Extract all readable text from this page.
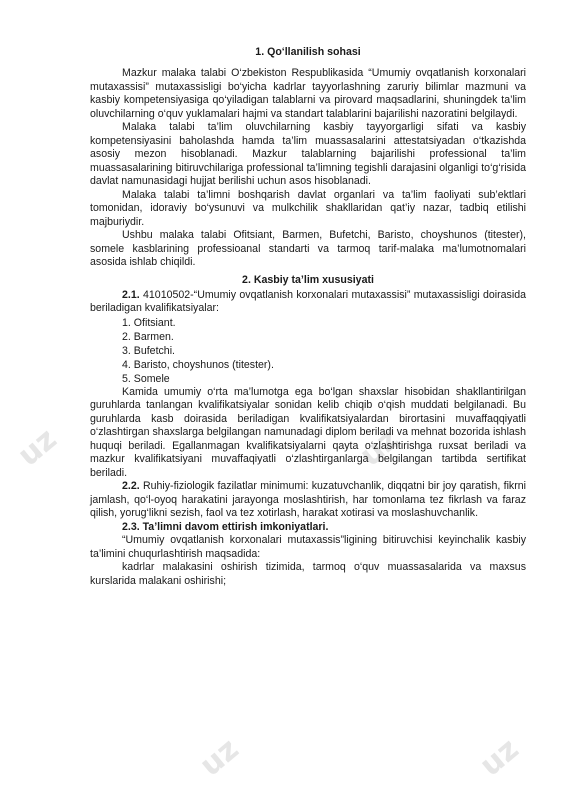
uz	uz
uz	uz
1. Qo‘llanilish sohasi

Mazkur malaka talabi O‘zbekiston Respublikasida “Umumiy ovqatlanish korxonalari mutaxassisi” mutaxassisligi bo‘yicha kadrlar tayyorlashning zaruriy bilimlar mazmuni va kasbiy kompetensiyasiga qo‘yiladigan talablarni va pirovard maqsadlarini, shuningdek ta’lim oluvchilarning o‘quv yuklamalari hajmi va standart talablarini bajarilishi nazoratini belgilaydi.

Malaka talabi ta’lim oluvchilarning kasbiy tayyorgarligi sifati va kasbiy kompetensiyasini baholashda hamda ta’lim muassasalarini attestatsiyadan o‘tkazishda asosiy mezon hisoblanadi. Mazkur talablarning bajarilishi professional ta’lim muassasalarining bitiruvchilariga professional ta’limning tegishli darajasini olganligi to‘g‘risida davlat namunasidagi hujjat berilishi uchun asos hisoblanadi.

Malaka talabi ta’limni boshqarish davlat organlari va ta’lim faoliyati sub’ektlari tomonidan, idoraviy bo‘ysunuvi va mulkchilik shakllaridan qat’iy nazar, tadbiq etilishi majburiydir.

Ushbu malaka talabi Ofitsiant, Barmen, Bufetchi, Baristo, choyshunos (titester), somele kasblarining professioanal standarti va tarmoq tarif-malaka ma’lumotnomalari asosida ishlab chiqildi.

2. Kasbiy ta’lim xususiyati

2.1. 41010502-“Umumiy ovqatlanish korxonalari mutaxassisi” mutaxassisligi doirasida beriladigan kvalifikatsiyalar:

1. Ofitsiant.
2. Barmen.
3. Bufetchi.
4. Baristo, choyshunos (titester).
5. Somele

Kamida umumiy o‘rta ma’lumotga ega bo‘lgan shaxslar hisobidan shakllantirilgan guruhlarda tanlangan kvalifikatsiyalar sonidan kelib chiqib o‘qish muddati belgilanadi. Bu guruhlarda kasb doirasida beriladigan kvalifikatsiyalardan birortasini muvaffaqqiyatli o‘zlashtirgan shaxslarga belgilangan namunadagi diplom beriladi va mehnat bozorida ishlash huquqi beriladi. Egallanmagan kvalifikatsiyalarni qayta o‘zlashtirishga ruxsat beriladi va mazkur kvalifikatsiyani muvaffaqiyatli o‘zlashtirganlarga belgilangan tartibda sertifikat beriladi.

2.2. Ruhiy-fiziologik fazilatlar minimumi: kuzatuvchanlik, diqqatni bir joy qaratish, fikrni jamlash, qo‘l-oyoq harakatini jarayonga moslashtirish, har tomonlama tez fikrlash va faraz qilish, yorug‘likni sezish, faol va tez xotirlash, harakat xotirasi va moslashuvchanlik.

2.3. Ta’limni davom ettirish imkoniyatlari.

“Umumiy ovqatlanish korxonalari mutaxassis”ligining bitiruvchisi keyinchalik kasbiy ta’limini chuqurlashtirish maqsadida:

kadrlar malakasini oshirish tizimida, tarmoq o‘quv muassasalarida va maxsus kurslarida malakani oshirishi;
